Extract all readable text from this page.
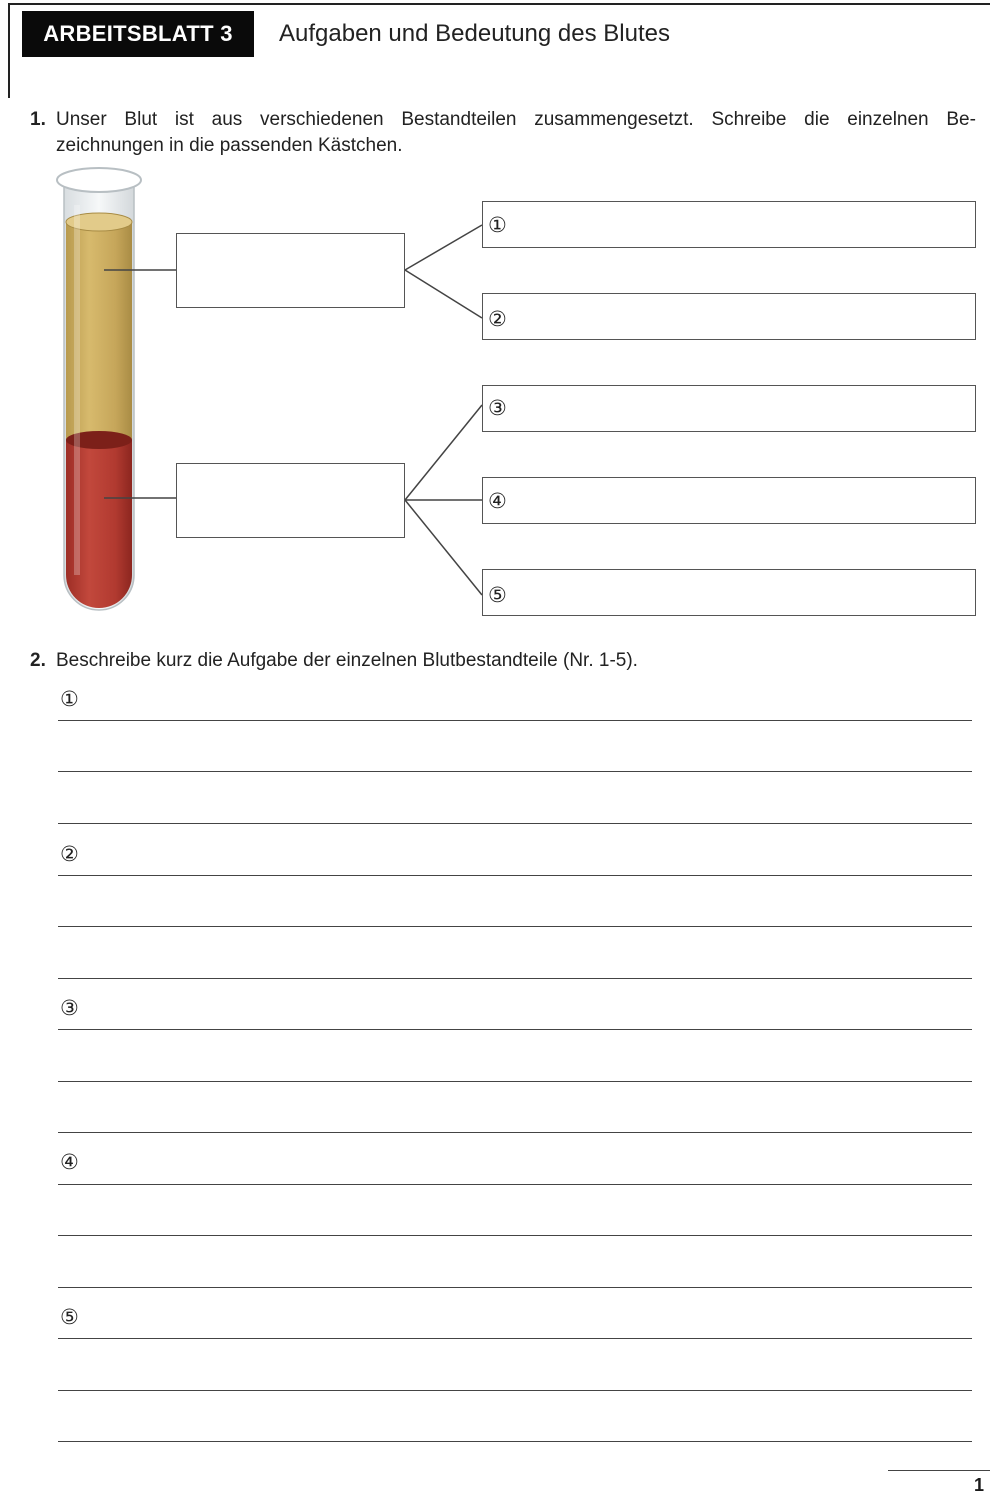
ARBEITSBLATT 3	Aufgaben und Bedeutung des Blutes
1. Unser Blut ist aus verschiedenen Bestandteilen zusammengesetzt. Schreibe die einzelnen Be-
zeichnungen in die passenden Kästchen.
①
②
③
④
⑤
2. Beschreibe kurz die Aufgabe der einzelnen Blutbestandteile (Nr. 1-5).
①
②
③
④
⑤
1
